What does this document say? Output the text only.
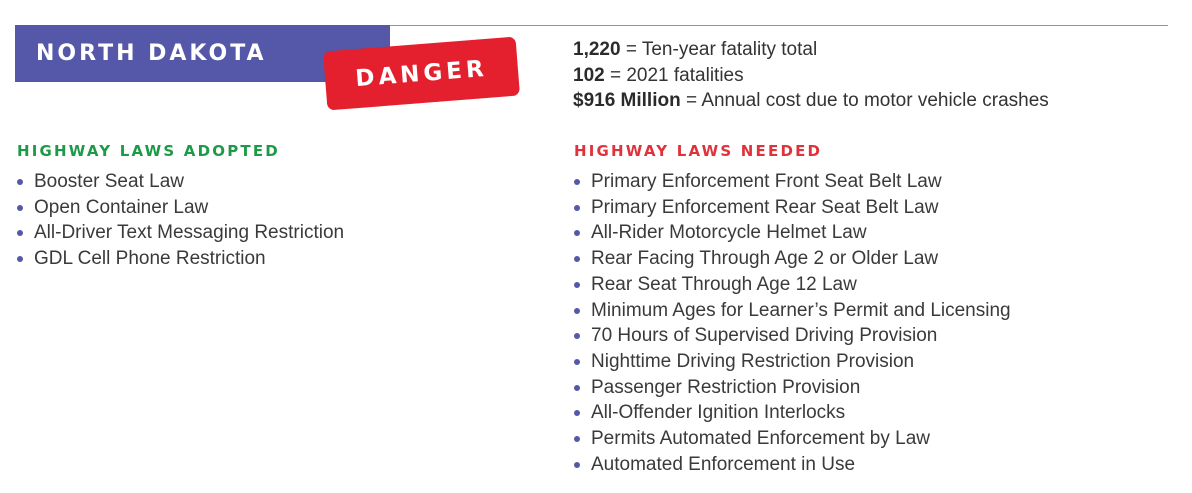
NORTH DAKOTA
DANGER
1,220 = Ten-year fatality total
102 = 2021 fatalities
$916 Million = Annual cost due to motor vehicle crashes
HIGHWAY LAWS ADOPTED
Booster Seat Law
Open Container Law
All-Driver Text Messaging Restriction
GDL Cell Phone Restriction
HIGHWAY LAWS NEEDED
Primary Enforcement Front Seat Belt Law
Primary Enforcement Rear Seat Belt Law
All-Rider Motorcycle Helmet Law
Rear Facing Through Age 2 or Older Law
Rear Seat Through Age 12 Law
Minimum Ages for Learner’s Permit and Licensing
70 Hours of Supervised Driving Provision
Nighttime Driving Restriction Provision
Passenger Restriction Provision
All-Offender Ignition Interlocks
Permits Automated Enforcement by Law
Automated Enforcement in Use
